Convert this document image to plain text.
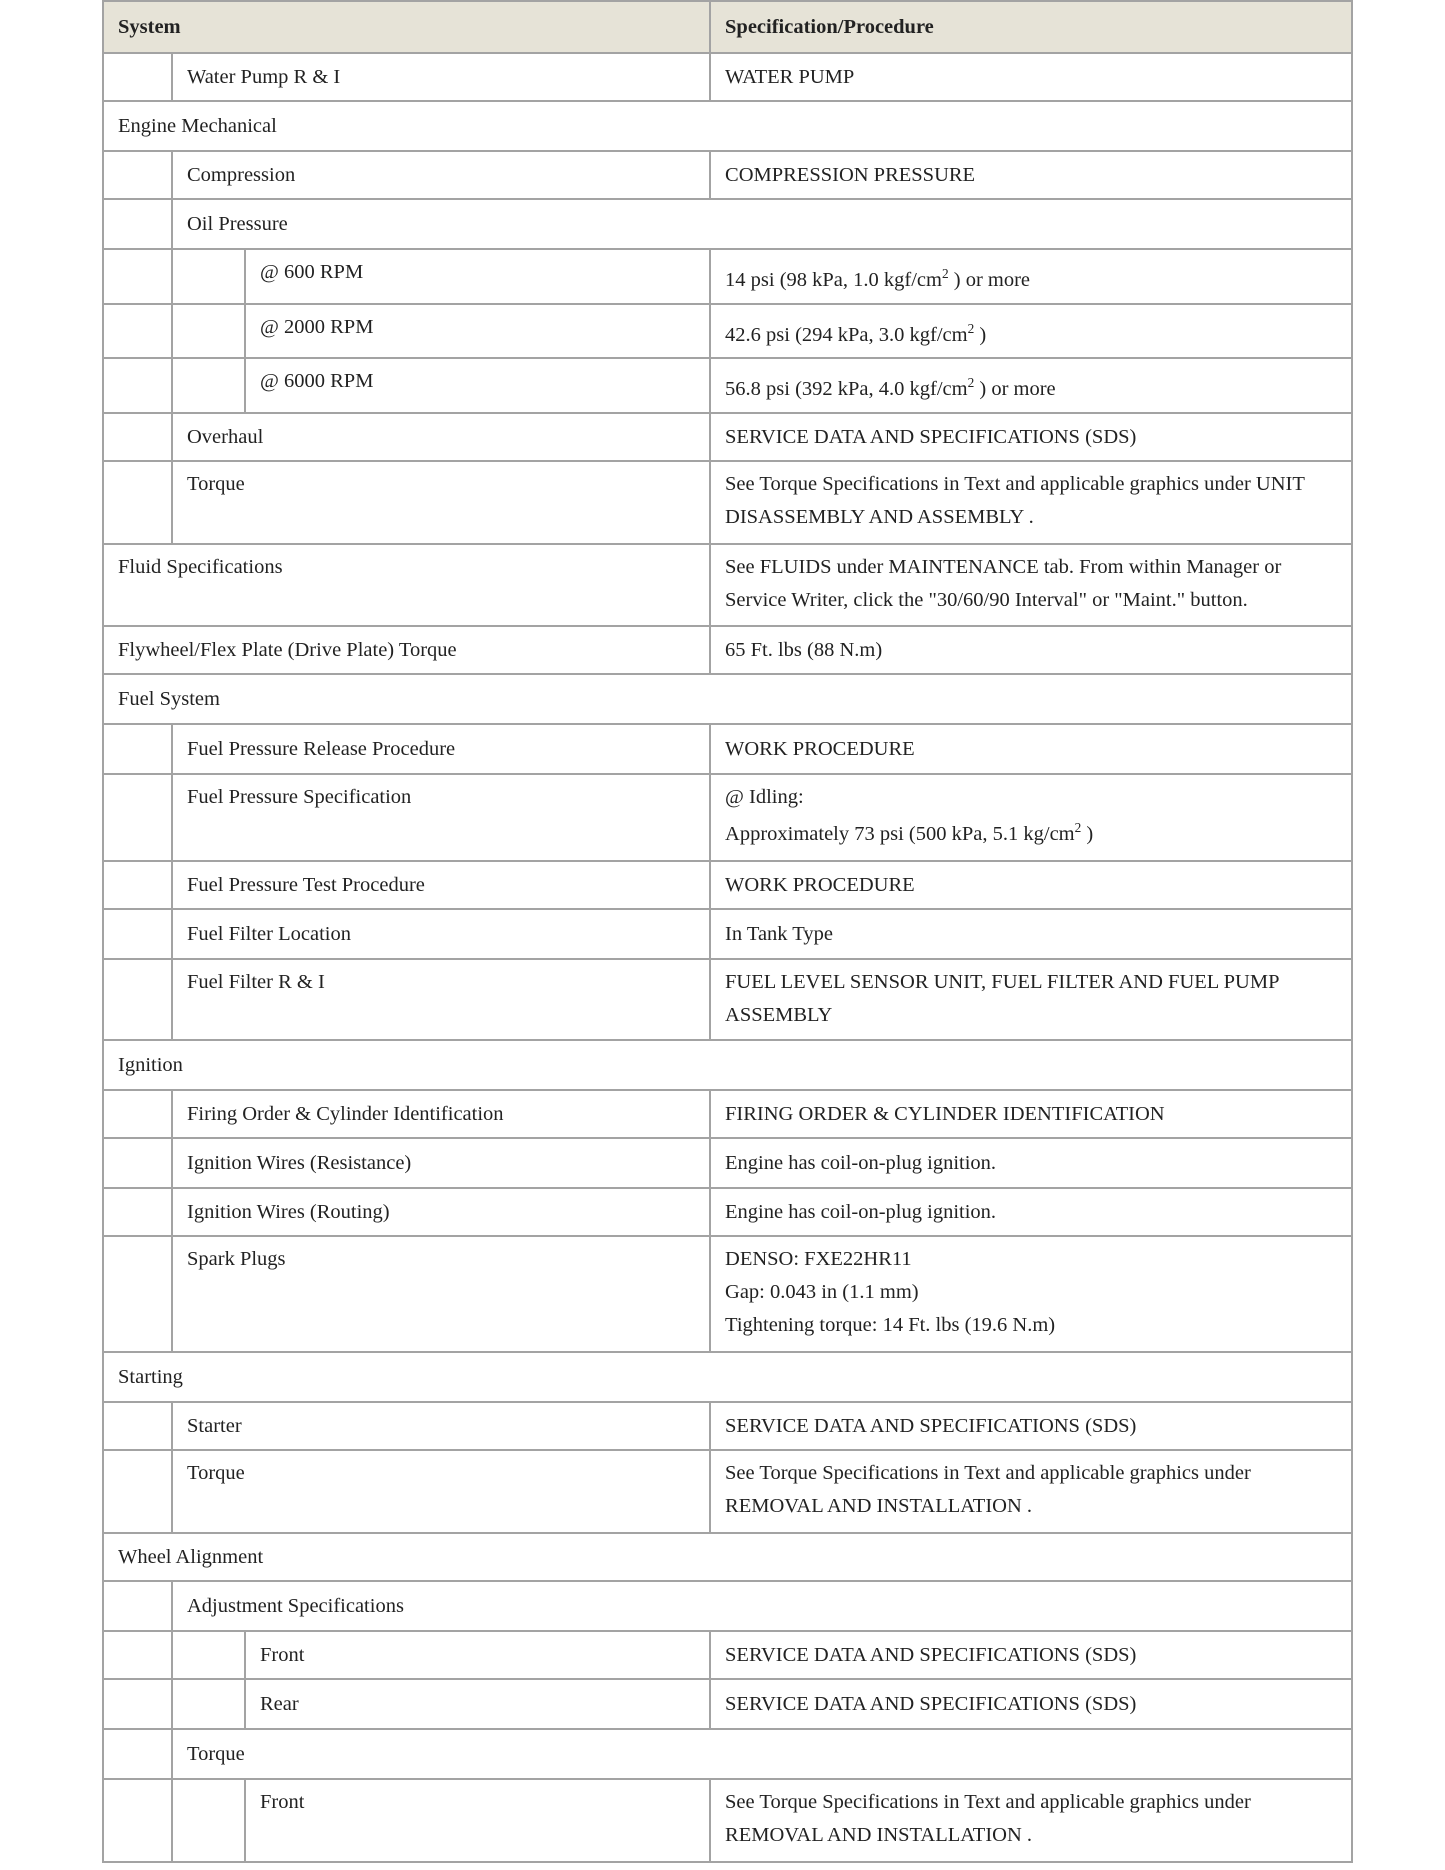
System			Specification/Procedure
	Water Pump R & I		WATER PUMP
Engine Mechanical			
	Compression		COMPRESSION PRESSURE
	Oil Pressure		
		@ 600 RPM	14 psi (98 kPa, 1.0 kgf/$cm^2$ ) or more
		@ 2000 RPM	42.6 psi (294 kPa, 3.0 kgf/$cm^2$ )
		@ 6000 RPM	56.8 psi (392 kPa, 4.0 kgf/$cm^2$ ) or more
	Overhaul		SERVICE DATA AND SPECIFICATIONS (SDS)
	Torque		See Torque Specifications in Text and applicable graphics under UNIT DISASSEMBLY AND ASSEMBLY .
Fluid Specifications			See FLUIDS under MAINTENANCE tab. From within Manager or Service Writer, click the "30/60/90 Interval" or "Maint." button.
Flywheel/Flex Plate (Drive Plate) Torque			65 Ft. lbs (88 N.m)
Fuel System			
	Fuel Pressure Release Procedure		WORK PROCEDURE
	Fuel Pressure Specification		@ Idling:
Approximately 73 psi (500 kPa, 5.1 $kg/cm^2$ )

	Fuel Pressure Test Procedure		WORK PROCEDURE
	Fuel Filter Location		In Tank Type
	Fuel Filter R & I		FUEL LEVEL SENSOR UNIT, FUEL FILTER AND FUEL PUMP ASSEMBLY
Ignition			
	Firing Order & Cylinder Identification		FIRING ORDER & CYLINDER IDENTIFICATION
	Ignition Wires (Resistance)		Engine has coil-on-plug ignition.
	Ignition Wires (Routing)		Engine has coil-on-plug ignition.
	Spark Plugs		DENSO: FXE22HR11
Gap: 0.043 in (1.1 mm)
Tightening torque: 14 Ft. lbs (19.6 N.m)

Starting			
	Starter		SERVICE DATA AND SPECIFICATIONS (SDS)
	Torque		See Torque Specifications in Text and applicable graphics under REMOVAL AND INSTALLATION .
Wheel Alignment			
	Adjustment Specifications		
		Front	SERVICE DATA AND SPECIFICATIONS (SDS)
		Rear	SERVICE DATA AND SPECIFICATIONS (SDS)
	Torque		
		Front	See Torque Specifications in Text and applicable graphics under REMOVAL AND INSTALLATION .
